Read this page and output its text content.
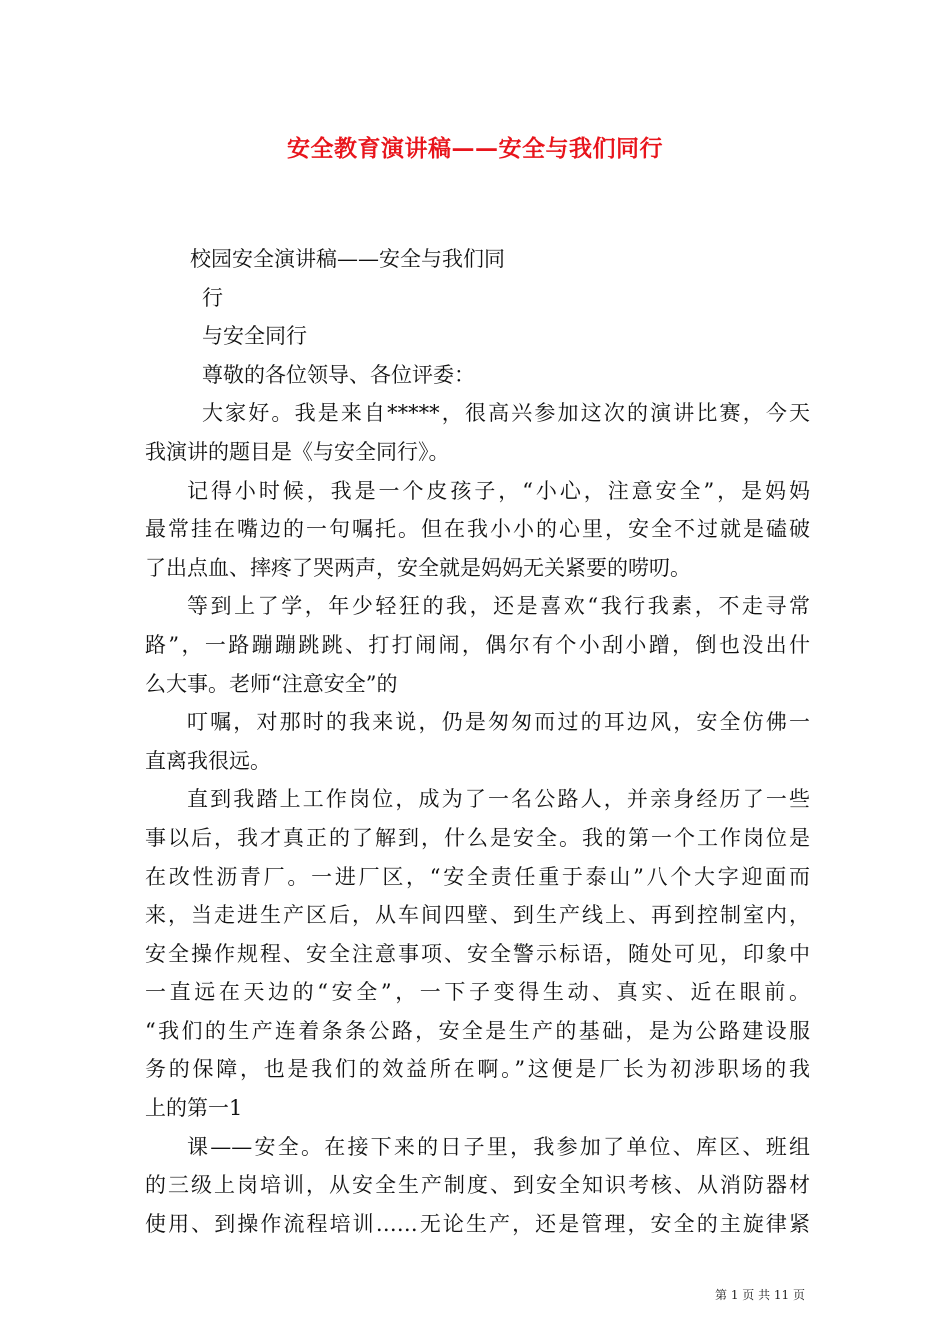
安全教育演讲稿——安全与我们同行
校园安全演讲稿——安全与我们同
行
与安全同行
尊敬的各位领导、各位评委：
大家好。我是来自*****，很高兴参加这次的演讲比赛，今天
我演讲的题目是《与安全同行》。
记得小时候，我是一个皮孩子，“小心，注意安全”，是妈妈
最常挂在嘴边的一句嘱托。但在我小小的心里，安全不过就是磕破
了出点血、摔疼了哭两声，安全就是妈妈无关紧要的唠叨。
等到上了学，年少轻狂的我，还是喜欢“我行我素，不走寻常
路”，一路蹦蹦跳跳、打打闹闹，偶尔有个小刮小蹭，倒也没出什
么大事。老师“注意安全”的
叮嘱，对那时的我来说，仍是匆匆而过的耳边风，安全仿佛一
直离我很远。
直到我踏上工作岗位，成为了一名公路人，并亲身经历了一些
事以后，我才真正的了解到，什么是安全。我的第一个工作岗位是
在改性沥青厂。一进厂区，“安全责任重于泰山”八个大字迎面而
来，当走进生产区后，从车间四壁、到生产线上、再到控制室内，
安全操作规程、安全注意事项、安全警示标语，随处可见，印象中
一直远在天边的“安全”，一下子变得生动、真实、近在眼前。
“我们的生产连着条条公路，安全是生产的基础，是为公路建设服
务的保障，也是我们的效益所在啊。”这便是厂长为初涉职场的我
上的第一1
课——安全。在接下来的日子里，我参加了单位、库区、班组
的三级上岗培训，从安全生产制度、到安全知识考核、从消防器材
使用、到操作流程培训……无论生产，还是管理，安全的主旋律紧
第 1 页 共 11 页
